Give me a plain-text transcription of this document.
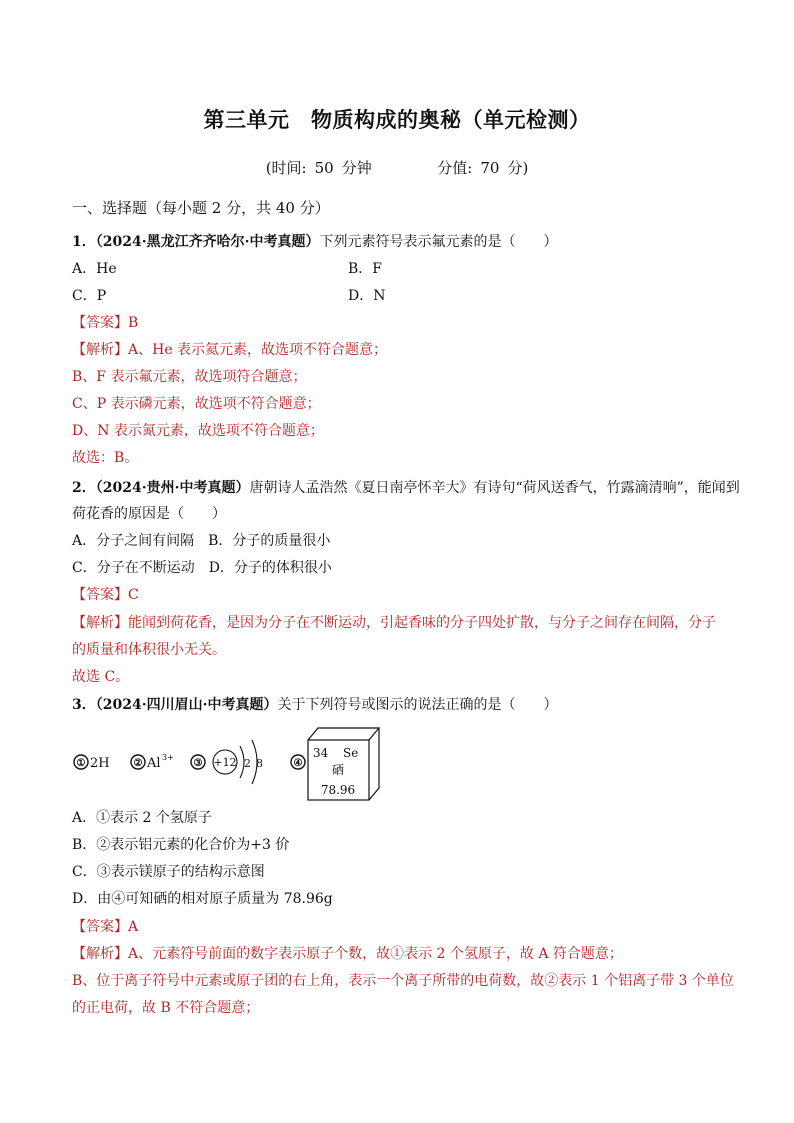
第三单元　物质构成的奥秘（单元检测）
(时间: 50 分钟	分值: 70 分)
一、选择题（每小题 2 分，共 40 分）
1．（2024·黑龙江齐齐哈尔·中考真题）下列元素符号表示氟元素的是（　　）
A．He	B．F
C．P	D．N
【答案】B
【解析】A、He 表示氦元素，故选项不符合题意；
B、F 表示氟元素，故选项符合题意；
C、P 表示磷元素，故选项不符合题意；
D、N 表示氮元素，故选项不符合题意；
故选：B。
2．（2024·贵州·中考真题）唐朝诗人孟浩然《夏日南亭怀辛大》有诗句“荷风送香气，竹露滴清响”，能闻到
荷花香的原因是（　　）
A．分子之间有间隔　B．分子的质量很小
C．分子在不断运动　D．分子的体积很小
【答案】C
【解析】能闻到荷花香，是因为分子在不断运动，引起香味的分子四处扩散，与分子之间存在间隔，分子
的质量和体积很小无关。
故选 C。
3．（2024·四川眉山·中考真题）关于下列符号或图示的说法正确的是（　　）
① 2H ② Al 3+
③ +12 2 8	④
34 Se
硒
78.96
A．①表示 2 个氢原子
B．②表示铝元素的化合价为+3 价
C．③表示镁原子的结构示意图
D．由④可知硒的相对原子质量为 78.96g
【答案】A
【解析】A、元素符号前面的数字表示原子个数，故①表示 2 个氢原子，故 A 符合题意；
B、位于离子符号中元素或原子团的右上角，表示一个离子所带的电荷数，故②表示 1 个铝离子带 3 个单位
的正电荷，故 B 不符合题意；
